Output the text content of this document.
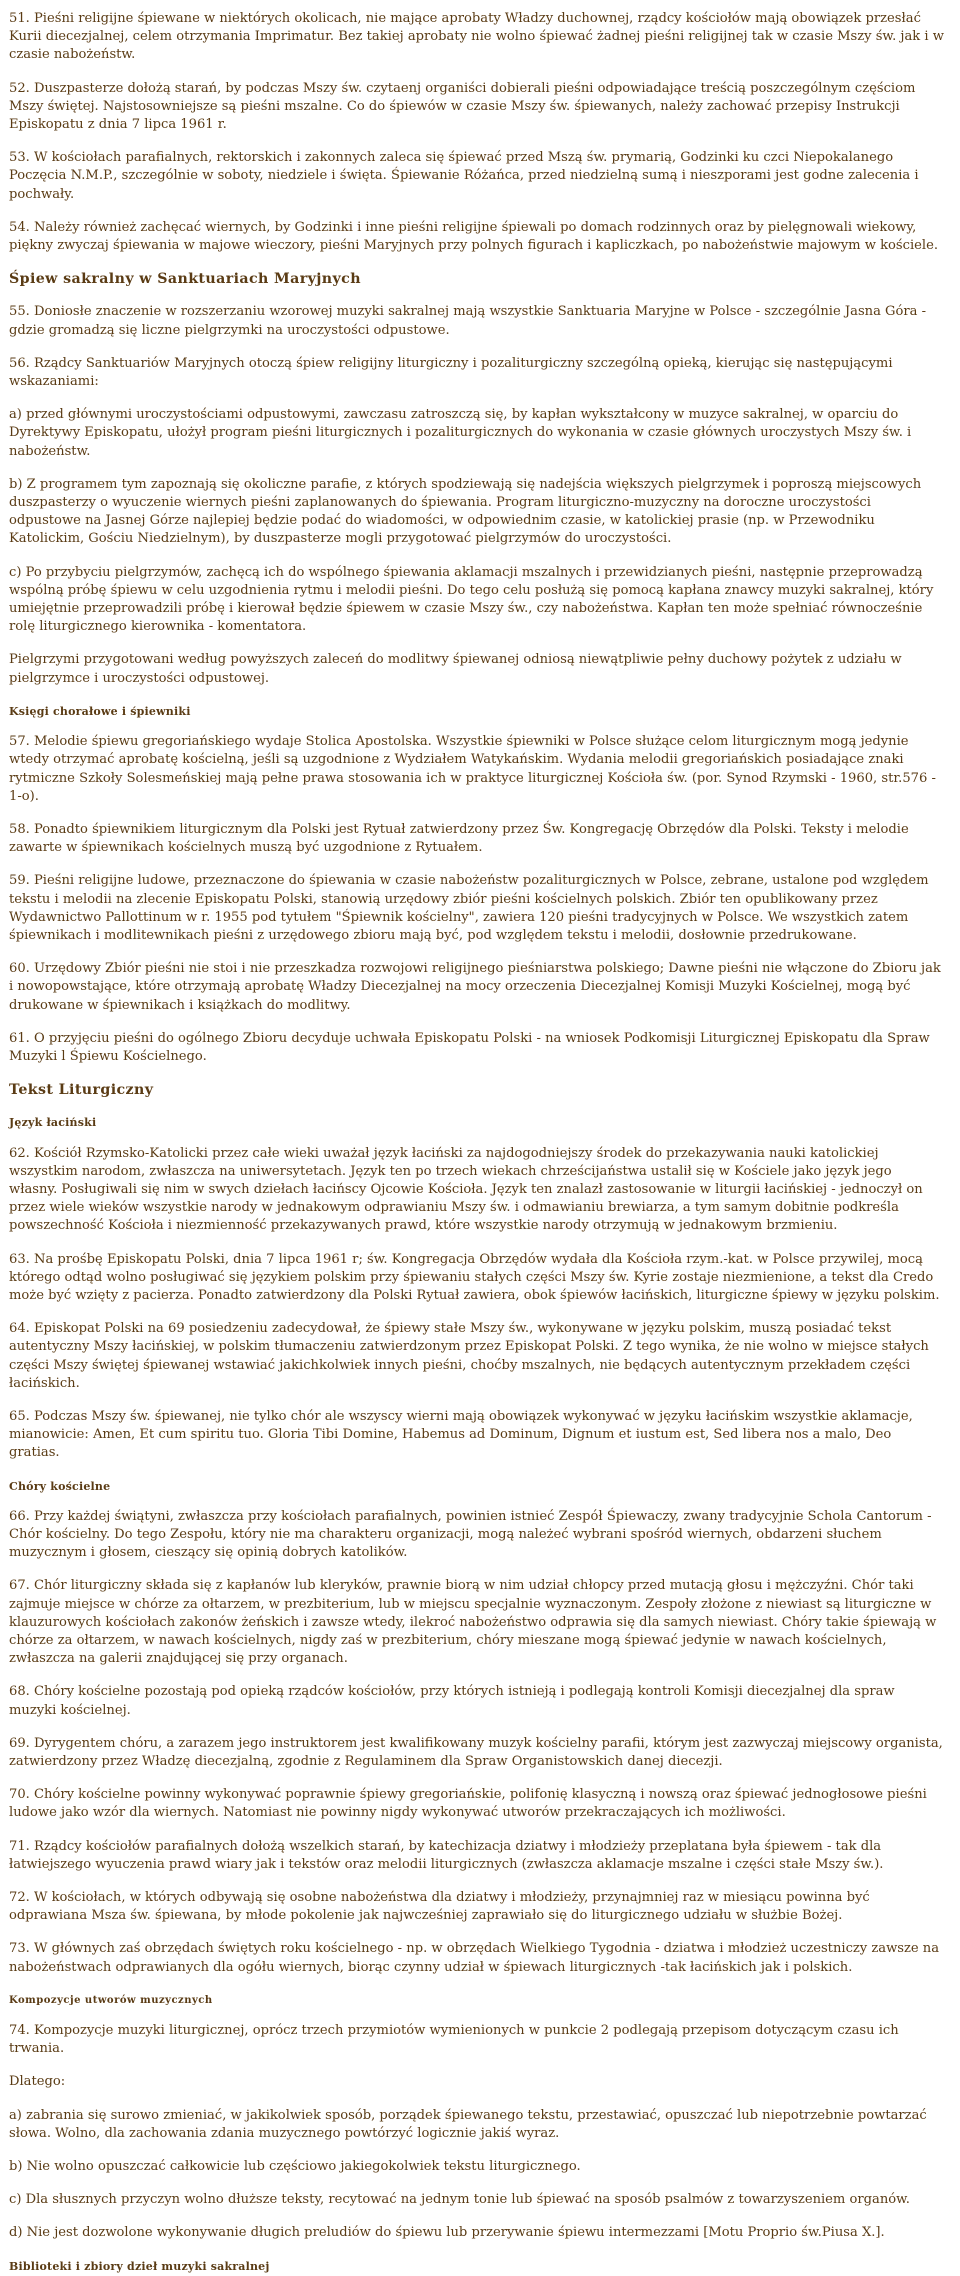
51. Pieśni religijne śpiewane w niektórych okolicach, nie mające aprobaty Władzy duchownej, rządcy kościołów mają obowiązek przesłać Kurii diecezjalnej, celem otrzymania Imprimatur. Bez takiej aprobaty nie wolno śpiewać żadnej pieśni religijnej tak w czasie Mszy św. jak i w czasie nabożeństw.

52. Duszpasterze dołożą starań, by podczas Mszy św. czytaenj organiści dobierali pieśni odpowiadające treścią poszczególnym częściom Mszy świętej. Najstosowniejsze są pieśni mszalne. Co do śpiewów w czasie Mszy św. śpiewanych, należy zachować przepisy Instrukcji Episkopatu z dnia 7 lipca 1961 r.

53. W kościołach parafialnych, rektorskich i zakonnych zaleca się śpiewać przed Mszą św. prymarią, Godzinki ku czci Niepokalanego Poczęcia N.M.P., szczególnie w soboty, niedziele i święta. Śpiewanie Różańca, przed niedzielną sumą i nieszporami jest godne zalecenia i pochwały.

54. Należy również zachęcać wiernych, by Godzinki i inne pieśni religijne śpiewali po domach rodzinnych oraz by pielęgnowali wiekowy, piękny zwyczaj śpiewania w majowe wieczory, pieśni Maryjnych przy polnych figurach i kapliczkach, po nabożeństwie majowym w kościele.

Śpiew sakralny w Sanktuariach Maryjnych

55. Doniosłe znaczenie w rozszerzaniu wzorowej muzyki sakralnej mają wszystkie Sanktuaria Maryjne w Polsce - szczególnie Jasna Góra - gdzie gromadzą się liczne pielgrzymki na uroczystości odpustowe.

56. Rządcy Sanktuariów Maryjnych otoczą śpiew religijny liturgiczny i pozaliturgiczny szczególną opieką, kierując się następującymi wskazaniami:

a) przed głównymi uroczystościami odpustowymi, zawczasu zatroszczą się, by kapłan wykształcony w muzyce sakralnej, w oparciu do Dyrektywy Episkopatu, ułożył program pieśni liturgicznych i pozaliturgicznych do wykonania w czasie głównych uroczystych Mszy św. i nabożeństw.

b) Z programem tym zapoznają się okoliczne parafie, z których spodziewają się nadejścia większych pielgrzymek i poproszą miejscowych duszpasterzy o wyuczenie wiernych pieśni zaplanowanych do śpiewania. Program liturgiczno-muzyczny na doroczne uroczystości odpustowe na Jasnej Górze najlepiej będzie podać do wiadomości, w odpowiednim czasie, w katolickiej prasie (np. w Przewodniku Katolickim, Gościu Niedzielnym), by duszpasterze mogli przygotować pielgrzymów do uroczystości.

c) Po przybyciu pielgrzymów, zachęcą ich do wspólnego śpiewania aklamacji mszalnych i przewidzianych pieśni, następnie przeprowadzą wspólną próbę śpiewu w celu uzgodnienia rytmu i melodii pieśni. Do tego celu posłużą się pomocą kapłana znawcy muzyki sakralnej, który umiejętnie przeprowadzili próbę i kierował będzie śpiewem w czasie Mszy św., czy nabożeństwa. Kapłan ten może spełniać równocześnie rolę liturgicznego kierownika - komentatora.

Pielgrzymi przygotowani według powyższych zaleceń do modlitwy śpiewanej odniosą niewątpliwie pełny duchowy pożytek z udziału w pielgrzymce i uroczystości odpustowej.

Księgi chorałowe i śpiewniki

57. Melodie śpiewu gregoriańskiego wydaje Stolica Apostolska. Wszystkie śpiewniki w Polsce służące celom liturgicznym mogą jedynie wtedy otrzymać aprobatę kościelną, jeśli są uzgodnione z Wydziałem Watykańskim. Wydania melodii gregoriańskich posiadające znaki rytmiczne Szkoły Solesmeńskiej mają pełne prawa stosowania ich w praktyce liturgicznej Kościoła św. (por. Synod Rzymski - 1960, str.576 - 1-o).

58. Ponadto śpiewnikiem liturgicznym dla Polski jest Rytuał zatwierdzony przez Św. Kongregację Obrzędów dla Polski. Teksty i melodie zawarte w śpiewnikach kościelnych muszą być uzgodnione z Rytuałem.

59. Pieśni religijne ludowe, przeznaczone do śpiewania w czasie nabożeństw pozaliturgicznych w Polsce, zebrane, ustalone pod względem tekstu i melodii na zlecenie Episkopatu Polski, stanowią urzędowy zbiór pieśni kościelnych polskich. Zbiór ten opublikowany przez Wydawnictwo Pallottinum w r. 1955 pod tytułem "Śpiewnik kościelny", zawiera 120 pieśni tradycyjnych w Polsce. We wszystkich zatem śpiewnikach i modlitewnikach pieśni z urzędowego zbioru mają być, pod względem tekstu i melodii, dosłownie przedrukowane.

60. Urzędowy Zbiór pieśni nie stoi i nie przeszkadza rozwojowi religijnego pieśniarstwa polskiego; Dawne pieśni nie włączone do Zbioru jak i nowopowstające, które otrzymają aprobatę Władzy Diecezjalnej na mocy orzeczenia Diecezjalnej Komisji Muzyki Kościelnej, mogą być drukowane w śpiewnikach i książkach do modlitwy.

61. O przyjęciu pieśni do ogólnego Zbioru decyduje uchwała Episkopatu Polski - na wniosek Podkomisji Liturgicznej Episkopatu dla Spraw Muzyki l Śpiewu Kościelnego.

Tekst Liturgiczny
Język łaciński

62. Kościół Rzymsko-Katolicki przez całe wieki uważał język łaciński za najdogodniejszy środek do przekazywania nauki katolickiej wszystkim narodom, zwłaszcza na uniwersytetach. Język ten po trzech wiekach chrześcijaństwa ustalił się w Kościele jako język jego własny. Posługiwali się nim w swych dziełach łacińscy Ojcowie Kościoła. Język ten znalazł zastosowanie w liturgii łacińskiej - jednoczył on przez wiele wieków wszystkie narody w jednakowym odprawianiu Mszy św. i odmawianiu brewiarza, a tym samym dobitnie podkreśla powszechność Kościoła i niezmienność przekazywanych prawd, które wszystkie narody otrzymują w jednakowym brzmieniu.

63. Na prośbę Episkopatu Polski, dnia 7 lipca 1961 r; św. Kongregacja Obrzędów wydała dla Kościoła rzym.-kat. w Polsce przywilej, mocą którego odtąd wolno posługiwać się językiem polskim przy śpiewaniu stałych części Mszy św. Kyrie zostaje niezmienione, a tekst dla Credo może być wzięty z pacierza. Ponadto zatwierdzony dla Polski Rytuał zawiera, obok śpiewów łacińskich, liturgiczne śpiewy w języku polskim.

64. Episkopat Polski na 69 posiedzeniu zadecydował, że śpiewy stałe Mszy św., wykonywane w języku polskim, muszą posiadać tekst autentyczny Mszy łacińskiej, w polskim tłumaczeniu zatwierdzonym przez Episkopat Polski. Z tego wynika, że nie wolno w miejsce stałych części Mszy świętej śpiewanej wstawiać jakichkolwiek innych pieśni, choćby mszalnych, nie będących autentycznym przekładem części łacińskich.

65. Podczas Mszy św. śpiewanej, nie tylko chór ale wszyscy wierni mają obowiązek wykonywać w języku łacińskim wszystkie aklamacje, mianowicie: Amen, Et cum spiritu tuo. Gloria Tibi Domine, Habemus ad Dominum, Dignum et iustum est, Sed libera nos a malo, Deo gratias.

Chóry kościelne

66. Przy każdej świątyni, zwłaszcza przy kościołach parafialnych, powinien istnieć Zespół Śpiewaczy, zwany tradycyjnie Schola Cantorum - Chór kościelny. Do tego Zespołu, który nie ma charakteru organizacji, mogą należeć wybrani spośród wiernych, obdarzeni słuchem muzycznym i głosem, cieszący się opinią dobrych katolików.

67. Chór liturgiczny składa się z kapłanów lub kleryków, prawnie biorą w nim udział chłopcy przed mutacją głosu i mężczyźni. Chór taki zajmuje miejsce w chórze za ołtarzem, w prezbiterium, lub w miejscu specjalnie wyznaczonym. Zespoły złożone z niewiast są liturgiczne w klauzurowych kościołach zakonów żeńskich i zawsze wtedy, ilekroć nabożeństwo odprawia się dla samych niewiast. Chóry takie śpiewają w chórze za ołtarzem, w nawach kościelnych, nigdy zaś w prezbiterium, chóry mieszane mogą śpiewać jedynie w nawach kościelnych, zwłaszcza na galerii znajdującej się przy organach.

68. Chóry kościelne pozostają pod opieką rządców kościołów, przy których istnieją i podlegają kontroli Komisji diecezjalnej dla spraw muzyki kościelnej.

69. Dyrygentem chóru, a zarazem jego instruktorem jest kwalifikowany muzyk kościelny parafii, którym jest zazwyczaj miejscowy organista, zatwierdzony przez Władzę diecezjalną, zgodnie z Regulaminem dla Spraw Organistowskich danej diecezji.

70. Chóry kościelne powinny wykonywać poprawnie śpiewy gregoriańskie, polifonię klasyczną i nowszą oraz śpiewać jednogłosowe pieśni ludowe jako wzór dla wiernych. Natomiast nie powinny nigdy wykonywać utworów przekraczających ich możliwości.

71. Rządcy kościołów parafialnych dołożą wszelkich starań, by katechizacja dziatwy i młodzieży przeplatana była śpiewem - tak dla łatwiejszego wyuczenia prawd wiary jak i tekstów oraz melodii liturgicznych (zwłaszcza aklamacje mszalne i części stałe Mszy św.).

72. W kościołach, w których odbywają się osobne nabożeństwa dla dziatwy i młodzieży, przynajmniej raz w miesiącu powinna być odprawiana Msza św. śpiewana, by młode pokolenie jak najwcześniej zaprawiało się do liturgicznego udziału w służbie Bożej.

73. W głównych zaś obrzędach świętych roku kościelnego - np. w obrzędach Wielkiego Tygodnia - dziatwa i młodzież uczestniczy zawsze na nabożeństwach odprawianych dla ogółu wiernych, biorąc czynny udział w śpiewach liturgicznych -tak łacińskich jak i polskich.

Kompozycje utworów muzycznych

74. Kompozycje muzyki liturgicznej, oprócz trzech przymiotów wymienionych w punkcie 2 podlegają przepisom dotyczącym czasu ich trwania.

Dlatego:

a) zabrania się surowo zmieniać, w jakikolwiek sposób, porządek śpiewanego tekstu, przestawiać, opuszczać lub niepotrzebnie powtarzać słowa. Wolno, dla zachowania zdania muzycznego powtórzyć logicznie jakiś wyraz.

b) Nie wolno opuszczać całkowicie lub częściowo jakiegokolwiek tekstu liturgicznego.

c) Dla słusznych przyczyn wolno dłuższe teksty, recytować na jednym tonie lub śpiewać na sposób psalmów z towarzyszeniem organów.

d) Nie jest dozwolone wykonywanie długich preludiów do śpiewu lub przerywanie śpiewu intermezzami [Motu Proprio św.Piusa X.].

Biblioteki i zbiory dzieł muzyki sakralnej
